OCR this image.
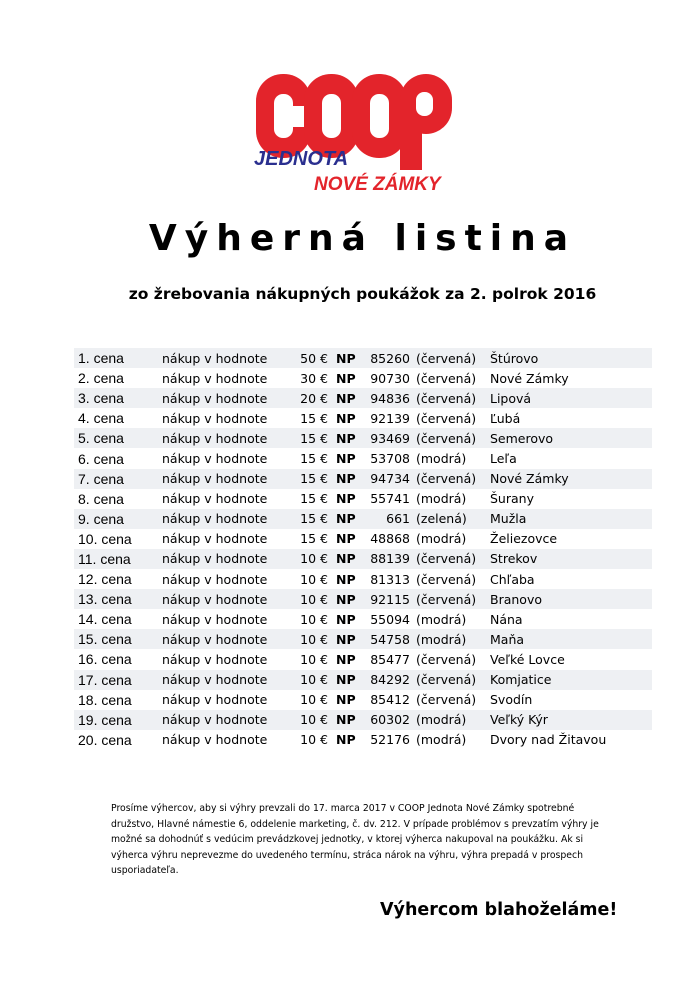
JEDNOTA
NOVÉ ZÁMKY
Výherná listina
zo žrebovania nákupných poukážok za 2. polrok 2016
1. cena	nákup v hodnote	50 €	NP	85260	(červená)	Štúrovo
2. cena	nákup v hodnote	30 €	NP	90730	(červená)	Nové Zámky
3. cena	nákup v hodnote	20 €	NP	94836	(červená)	Lipová
4. cena	nákup v hodnote	15 €	NP	92139	(červená)	Ľubá
5. cena	nákup v hodnote	15 €	NP	93469	(červená)	Semerovo
6. cena	nákup v hodnote	15 €	NP	53708	(modrá)	Leľa
7. cena	nákup v hodnote	15 €	NP	94734	(červená)	Nové Zámky
8. cena	nákup v hodnote	15 €	NP	55741	(modrá)	Šurany
9. cena	nákup v hodnote	15 €	NP	661	(zelená)	Mužla
10. cena	nákup v hodnote	15 €	NP	48868	(modrá)	Želiezovce
11. cena	nákup v hodnote	10 €	NP	88139	(červená)	Strekov
12. cena	nákup v hodnote	10 €	NP	81313	(červená)	Chľaba
13. cena	nákup v hodnote	10 €	NP	92115	(červená)	Branovo
14. cena	nákup v hodnote	10 €	NP	55094	(modrá)	Nána
15. cena	nákup v hodnote	10 €	NP	54758	(modrá)	Maňa
16. cena	nákup v hodnote	10 €	NP	85477	(červená)	Veľké Lovce
17. cena	nákup v hodnote	10 €	NP	84292	(červená)	Komjatice
18. cena	nákup v hodnote	10 €	NP	85412	(červená)	Svodín
19. cena	nákup v hodnote	10 €	NP	60302	(modrá)	Veľký Kýr
20. cena	nákup v hodnote	10 €	NP	52176	(modrá)	Dvory nad Žitavou

Prosíme výhercov, aby si výhry prevzali do 17. marca 2017 v COOP Jednota Nové Zámky spotrebné družstvo, Hlavné námestie 6, oddelenie marketing, č. dv. 212. V prípade problémov s prevzatím výhry je možné sa dohodnúť s vedúcim prevádzkovej jednotky, v ktorej výherca nakupoval na poukážku. Ak si výherca výhru neprevezme do uvedeného termínu, stráca nárok na výhru, výhra prepadá v prospech usporiadateľa.

Výhercom blahoželáme!
